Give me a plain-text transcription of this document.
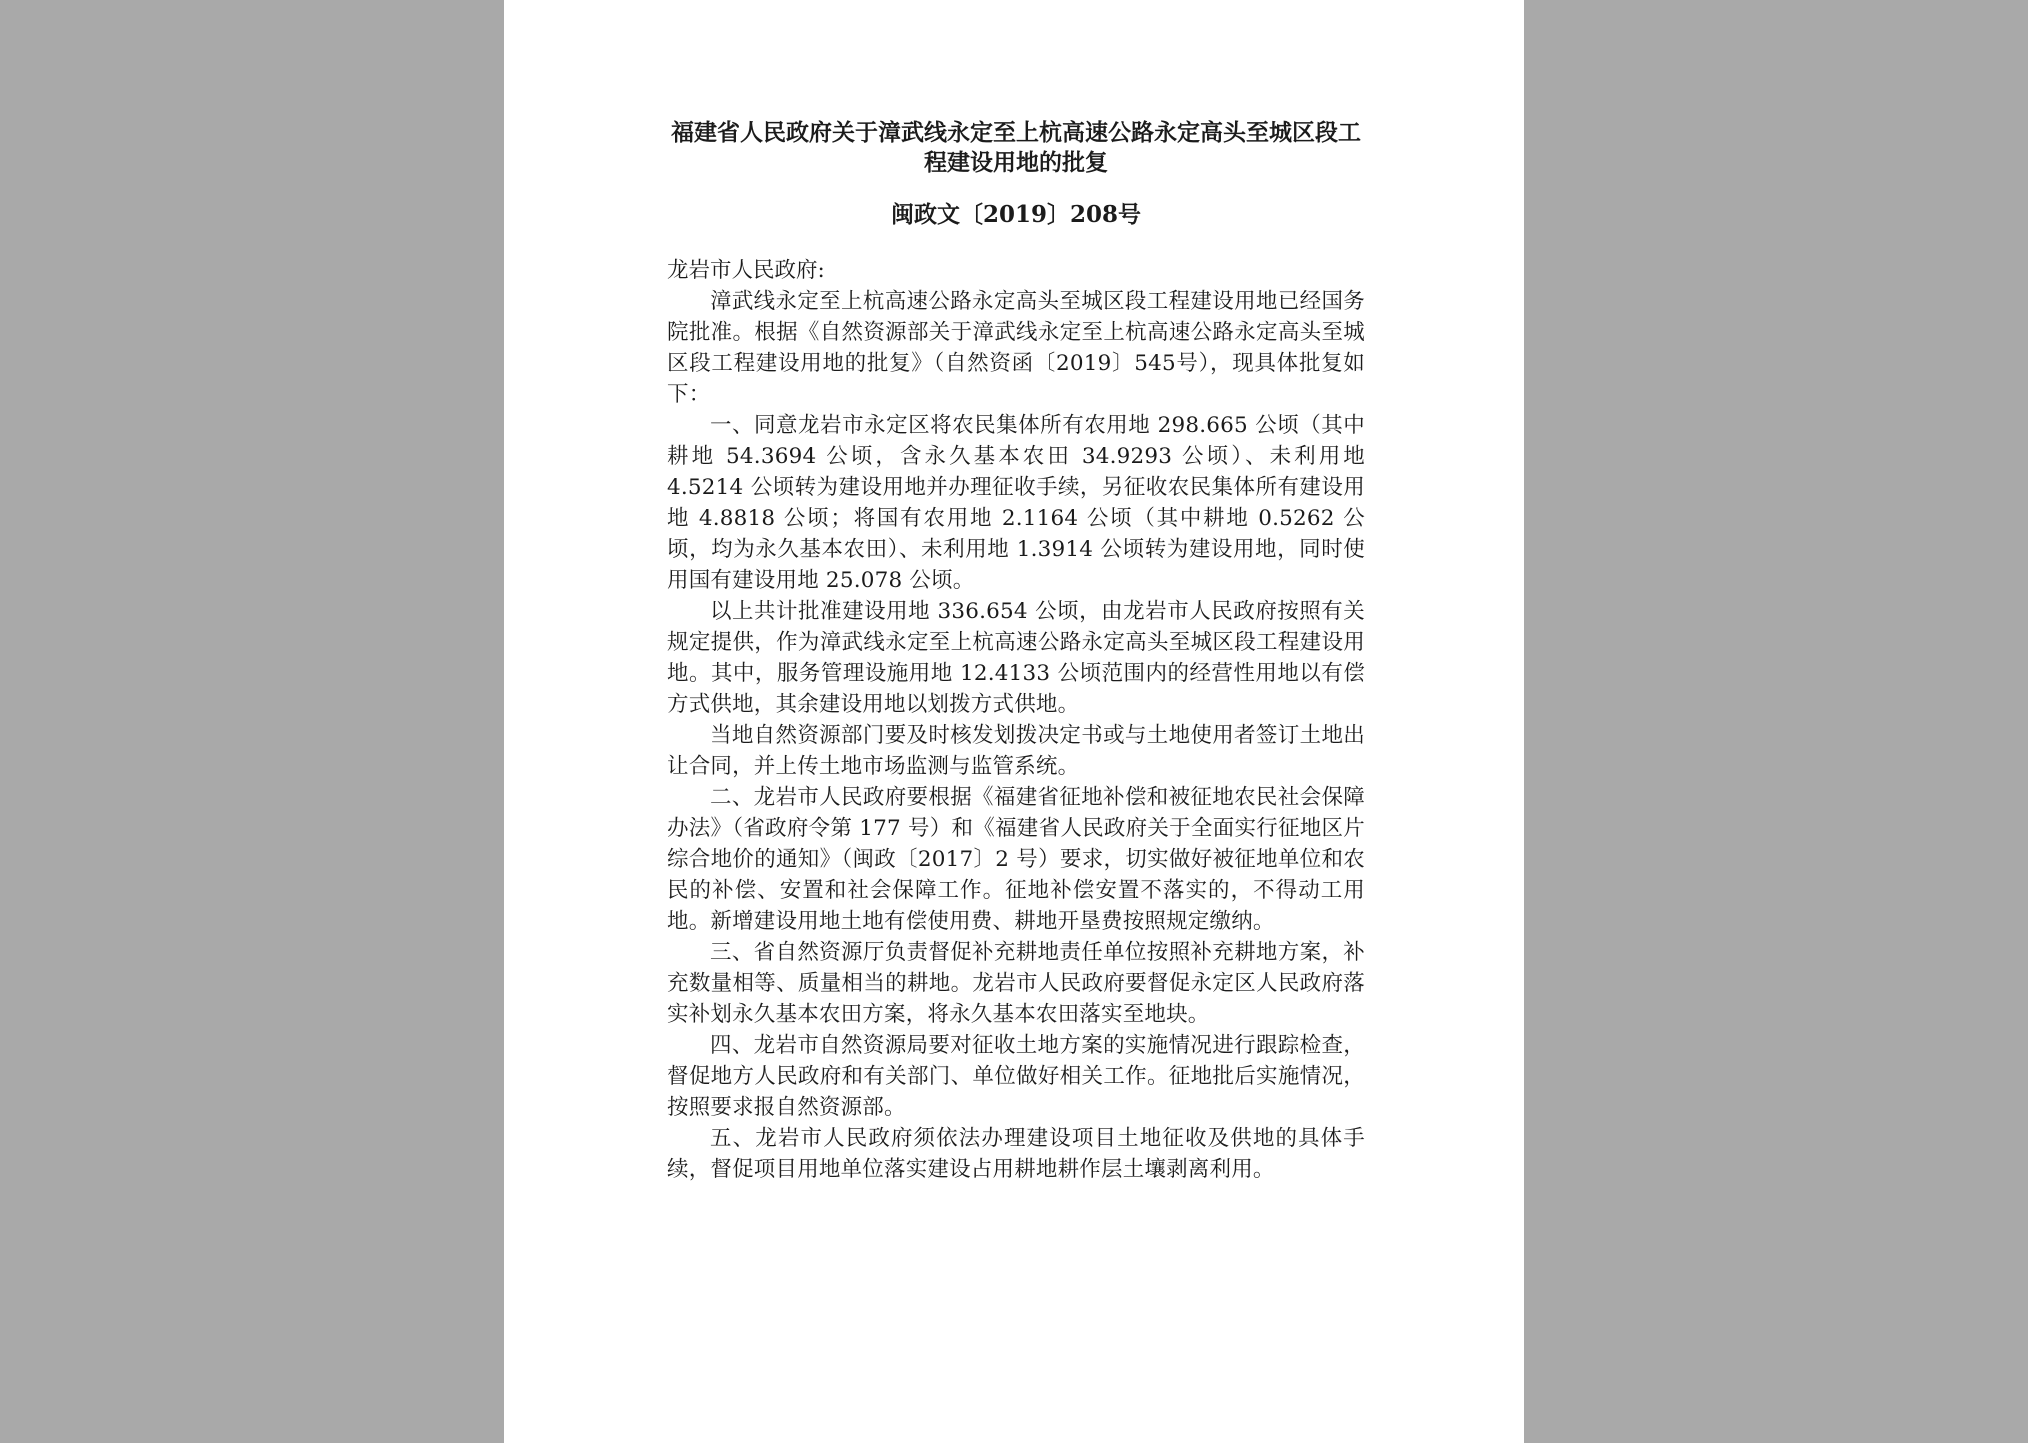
福建省人民政府关于漳武线永定至上杭高速公路永定高头至城区段工程建设用地的批复
闽政文〔2019〕208号

龙岩市人民政府:

漳武线永定至上杭高速公路永定高头至城区段工程建设用地已经国务院批准。根据《自然资源部关于漳武线永定至上杭高速公路永定高头至城区段工程建设用地的批复》（自然资函〔2019〕545号），现具体批复如下：

一、同意龙岩市永定区将农民集体所有农用地 298.665 公顷（其中耕地 54.3694 公顷，含永久基本农田 34.9293 公顷）、未利用地 4.5214 公顷转为建设用地并办理征收手续，另征收农民集体所有建设用地 4.8818 公顷；将国有农用地 2.1164 公顷（其中耕地 0.5262 公顷，均为永久基本农田）、未利用地 1.3914 公顷转为建设用地，同时使用国有建设用地 25.078 公顷。

以上共计批准建设用地 336.654 公顷，由龙岩市人民政府按照有关规定提供，作为漳武线永定至上杭高速公路永定高头至城区段工程建设用地。其中，服务管理设施用地 12.4133 公顷范围内的经营性用地以有偿方式供地，其余建设用地以划拨方式供地。

当地自然资源部门要及时核发划拨决定书或与土地使用者签订土地出让合同，并上传土地市场监测与监管系统。

二、龙岩市人民政府要根据《福建省征地补偿和被征地农民社会保障办法》（省政府令第 177 号）和《福建省人民政府关于全面实行征地区片综合地价的通知》（闽政〔2017〕2 号）要求，切实做好被征地单位和农民的补偿、安置和社会保障工作。征地补偿安置不落实的，不得动工用地。新增建设用地土地有偿使用费、耕地开垦费按照规定缴纳。

三、省自然资源厅负责督促补充耕地责任单位按照补充耕地方案，补充数量相等、质量相当的耕地。龙岩市人民政府要督促永定区人民政府落实补划永久基本农田方案，将永久基本农田落实至地块。

四、龙岩市自然资源局要对征收土地方案的实施情况进行跟踪检查，督促地方人民政府和有关部门、单位做好相关工作。征地批后实施情况，按照要求报自然资源部。

五、龙岩市人民政府须依法办理建设项目土地征收及供地的具体手续，督促项目用地单位落实建设占用耕地耕作层土壤剥离利用。
